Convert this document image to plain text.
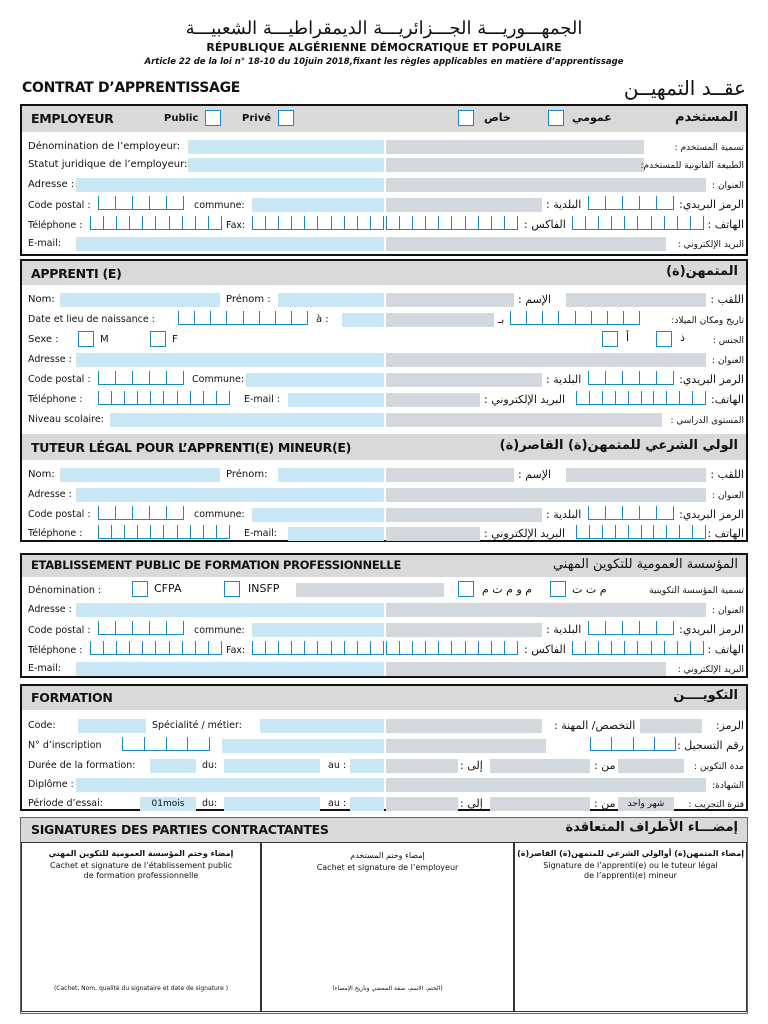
الجمهـــوريـــة الجـــزائريـــة الديمقراطيـــة الشعبيـــة
RÉPUBLIQUE ALGÉRIENNE DÉMOCRATIQUE ET POPULAIRE
Article 22 de la loi n° 18-10 du 10juin 2018,fixant les règles applicables en matière d’apprentissage
CONTRAT D’APPRENTISSAGE	عقــد التمهيــن
EMPLOYEUR	Public	Privé	خاص	عمومي	المستخدم
Dénomination de l’employeur:	تسمية المستخدم :
Statut juridique de l’employeur:	الطبيعة القانونية للمستخدم:
Adresse :	العنوان :
Code postal :	commune:	البلدية :	الرمز البريدي:
Téléphone :	Fax:	الفاكس :	الهاتف :
E-mail:	البريد الإلكتروني :
APPRENTI (E)	المتمهن(ة)
Nom:	Prénom :	الإسم :	اللقب :
Date et lieu de naissance :	à :	بـ	تاريخ ومكان الميلاد:
Sexe :	M	F	أ	ذ	الجنس :
Adresse :	العنوان :
Code postal :	Commune:	البلدية :	الرمز البريدي:
Téléphone :	E-mail :	البريد الإلكتروني :	الهاتف:
Niveau scolaire:	المستوى الدراسي :
TUTEUR LÉGAL POUR L’APPRENTI(E) MINEUR(E)	الولي الشرعي للمتمهن(ة) القاصر(ة)
Nom:	Prénom:	الإسم :	اللقب :
Adresse :	العنوان :
Code postal :	commune:	البلدية :	الرمز البريدي:
Téléphone :	E-mail:	البريد الإلكتروني :	الهاتف :
ETABLISSEMENT PUBLIC DE FORMATION PROFESSIONNELLE	المؤسسة العمومية للتكوين المهني
Dénomination :	CFPA	INSFP	م و م ت م	م ت ت	تسمية المؤسسة التكوينية
Adresse :	العنوان :
Code postal :	commune:	البلدية :	الرمز البريدي:
Téléphone :	Fax:	الفاكس :	الهاتف :
E-mail:	البريد الإلكتروني :
FORMATION	التكويــــن
Code:	Spécialité / métier:	التخصص/ المهنة :	الرمز:
N° d’inscription	رقم التسجيل :
Durée de la formation:	du:	au :	إلى :	من :	مدة التكوين :
Diplôme :	الشهادة:
Période d’essai:	01mois	du:	au :	إلى :	من :	شهر واحد	فترة التجريب :
SIGNATURES DES PARTIES CONTRACTANTES	إمضـــاء الأطراف المتعاقدة
إمضاء وختم المؤسسة العمومية للتكوين المهني
Cachet et signature de l’établissement public
de formation professionnelle
(Cachet, Nom, qualité du signataire et date de signature )
إمضاء وختم المستخدم
Cachet et signature de l’employeur
(الختم، الاسم، صفة الممضي وتاريخ الإمضاء)
إمضاء المتمهن(ة) أوالولي الشرعي للمتمهن(ة) القاصر(ة)
Signature de l’apprenti(e) ou le tuteur légal
de l’apprenti(e) mineur
